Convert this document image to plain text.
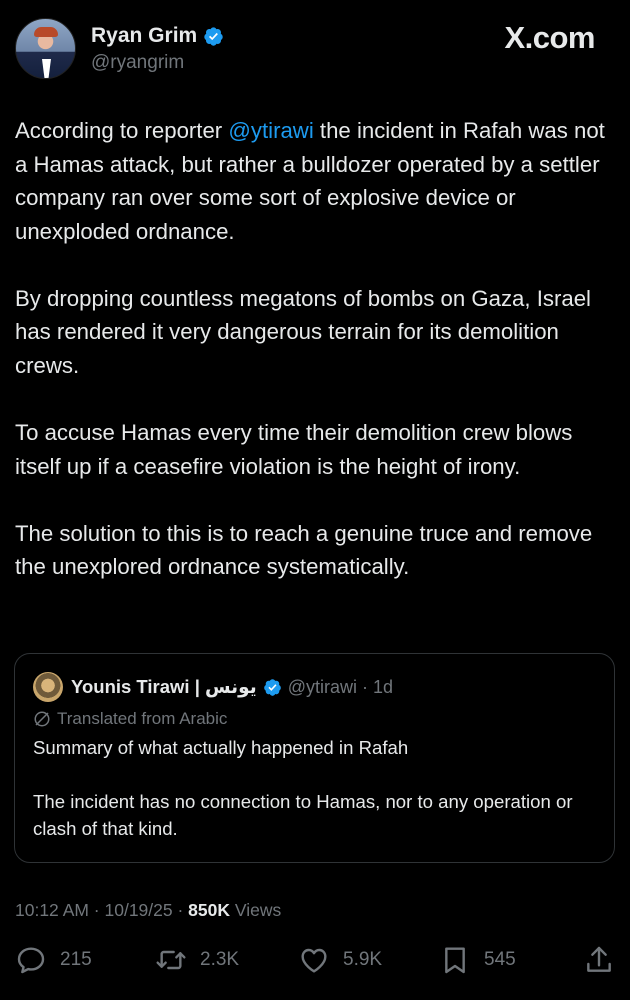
Ryan Grim
@ryangrim
X.com

According to reporter @ytirawi the incident in Rafah was not a Hamas attack, but rather a bulldozer operated by a settler company ran over some sort of explosive device or unexploded ordnance.

By dropping countless megatons of bombs on Gaza, Israel has rendered it very dangerous terrain for its demolition crews.

To accuse Hamas every time their demolition crew blows itself up if a ceasefire violation is the height of irony.

The solution to this is to reach a genuine truce and remove the unexplored ordnance systematically.

Younis Tirawi | يونس @ytirawi · 1d
Translated from Arabic

Summary of what actually happened in Rafah

The incident has no connection to Hamas, nor to any operation or clash of that kind.

10:12 AM · 10/19/25 · 850K Views
215	2.3K	5.9K	545
